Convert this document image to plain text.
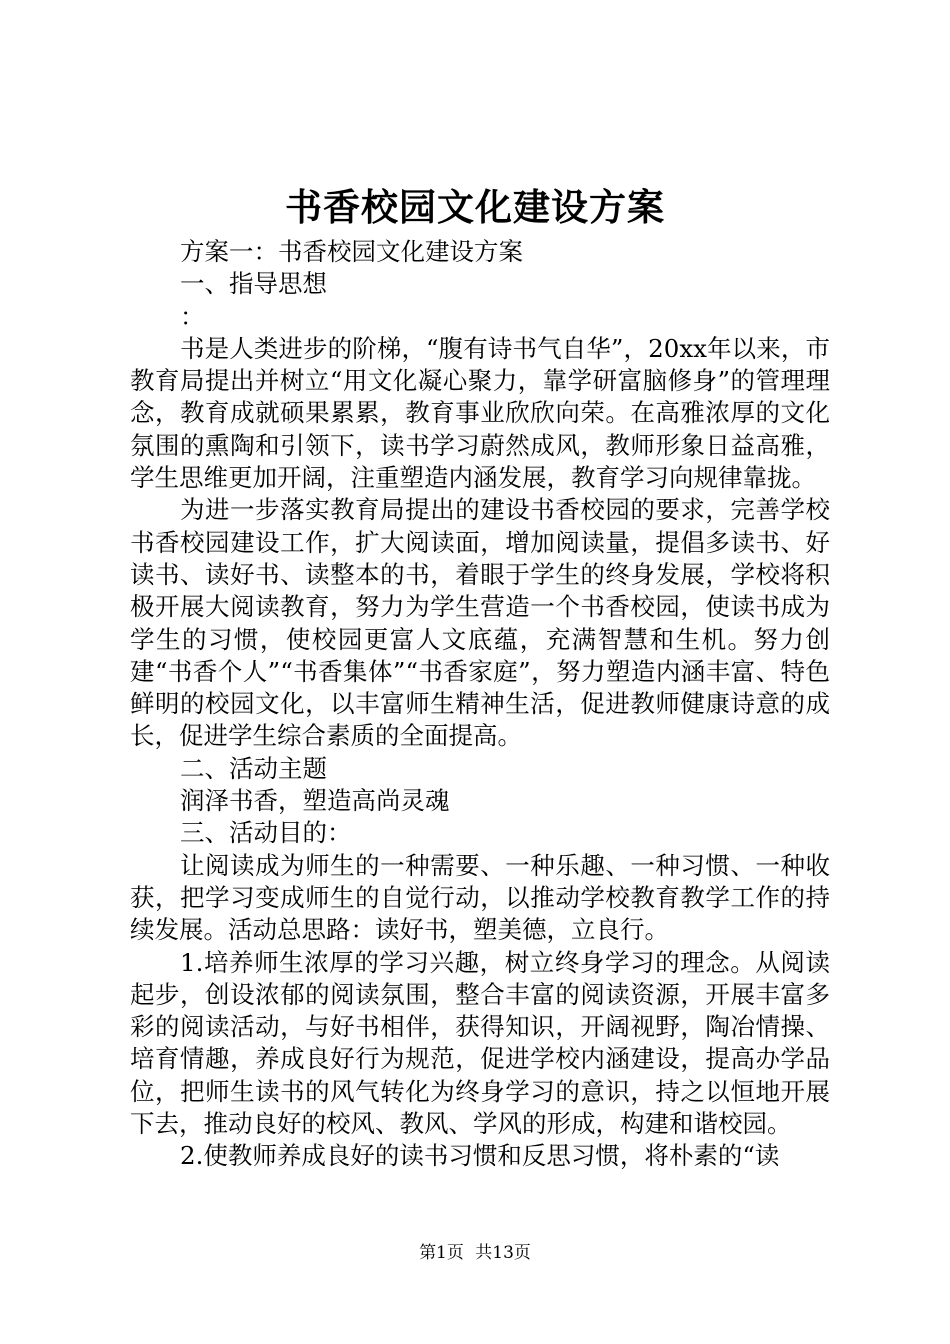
书香校园文化建设方案

方案一：书香校园文化建设方案

一、指导思想

：

书是人类进步的阶梯，“腹有诗书气自华”，20xx年以来，市教育局提出并树立“用文化凝心聚力，靠学研富脑修身”的管理理念，教育成就硕果累累，教育事业欣欣向荣。在高雅浓厚的文化氛围的熏陶和引领下，读书学习蔚然成风，教师形象日益高雅，学生思维更加开阔，注重塑造内涵发展，教育学习向规律靠拢。

为进一步落实教育局提出的建设书香校园的要求，完善学校书香校园建设工作，扩大阅读面，增加阅读量，提倡多读书、好读书、读好书、读整本的书，着眼于学生的终身发展，学校将积极开展大阅读教育，努力为学生营造一个书香校园，使读书成为学生的习惯，使校园更富人文底蕴，充满智慧和生机。努力创建“书香个人”“书香集体”“书香家庭”，努力塑造内涵丰富、特色鲜明的校园文化，以丰富师生精神生活，促进教师健康诗意的成长，促进学生综合素质的全面提高。

二、活动主题

润泽书香，塑造高尚灵魂

三、活动目的：

让阅读成为师生的一种需要、一种乐趣、一种习惯、一种收获，把学习变成师生的自觉行动，以推动学校教育教学工作的持续发展。活动总思路：读好书，塑美德，立良行。

1.培养师生浓厚的学习兴趣，树立终身学习的理念。从阅读起步，创设浓郁的阅读氛围，整合丰富的阅读资源，开展丰富多彩的阅读活动，与好书相伴，获得知识，开阔视野，陶冶情操、培育情趣，养成良好行为规范，促进学校内涵建设，提高办学品位，把师生读书的风气转化为终身学习的意识，持之以恒地开展下去，推动良好的校风、教风、学风的形成，构建和谐校园。

2.使教师养成良好的读书习惯和反思习惯，将朴素的“读

第1页 共13页
